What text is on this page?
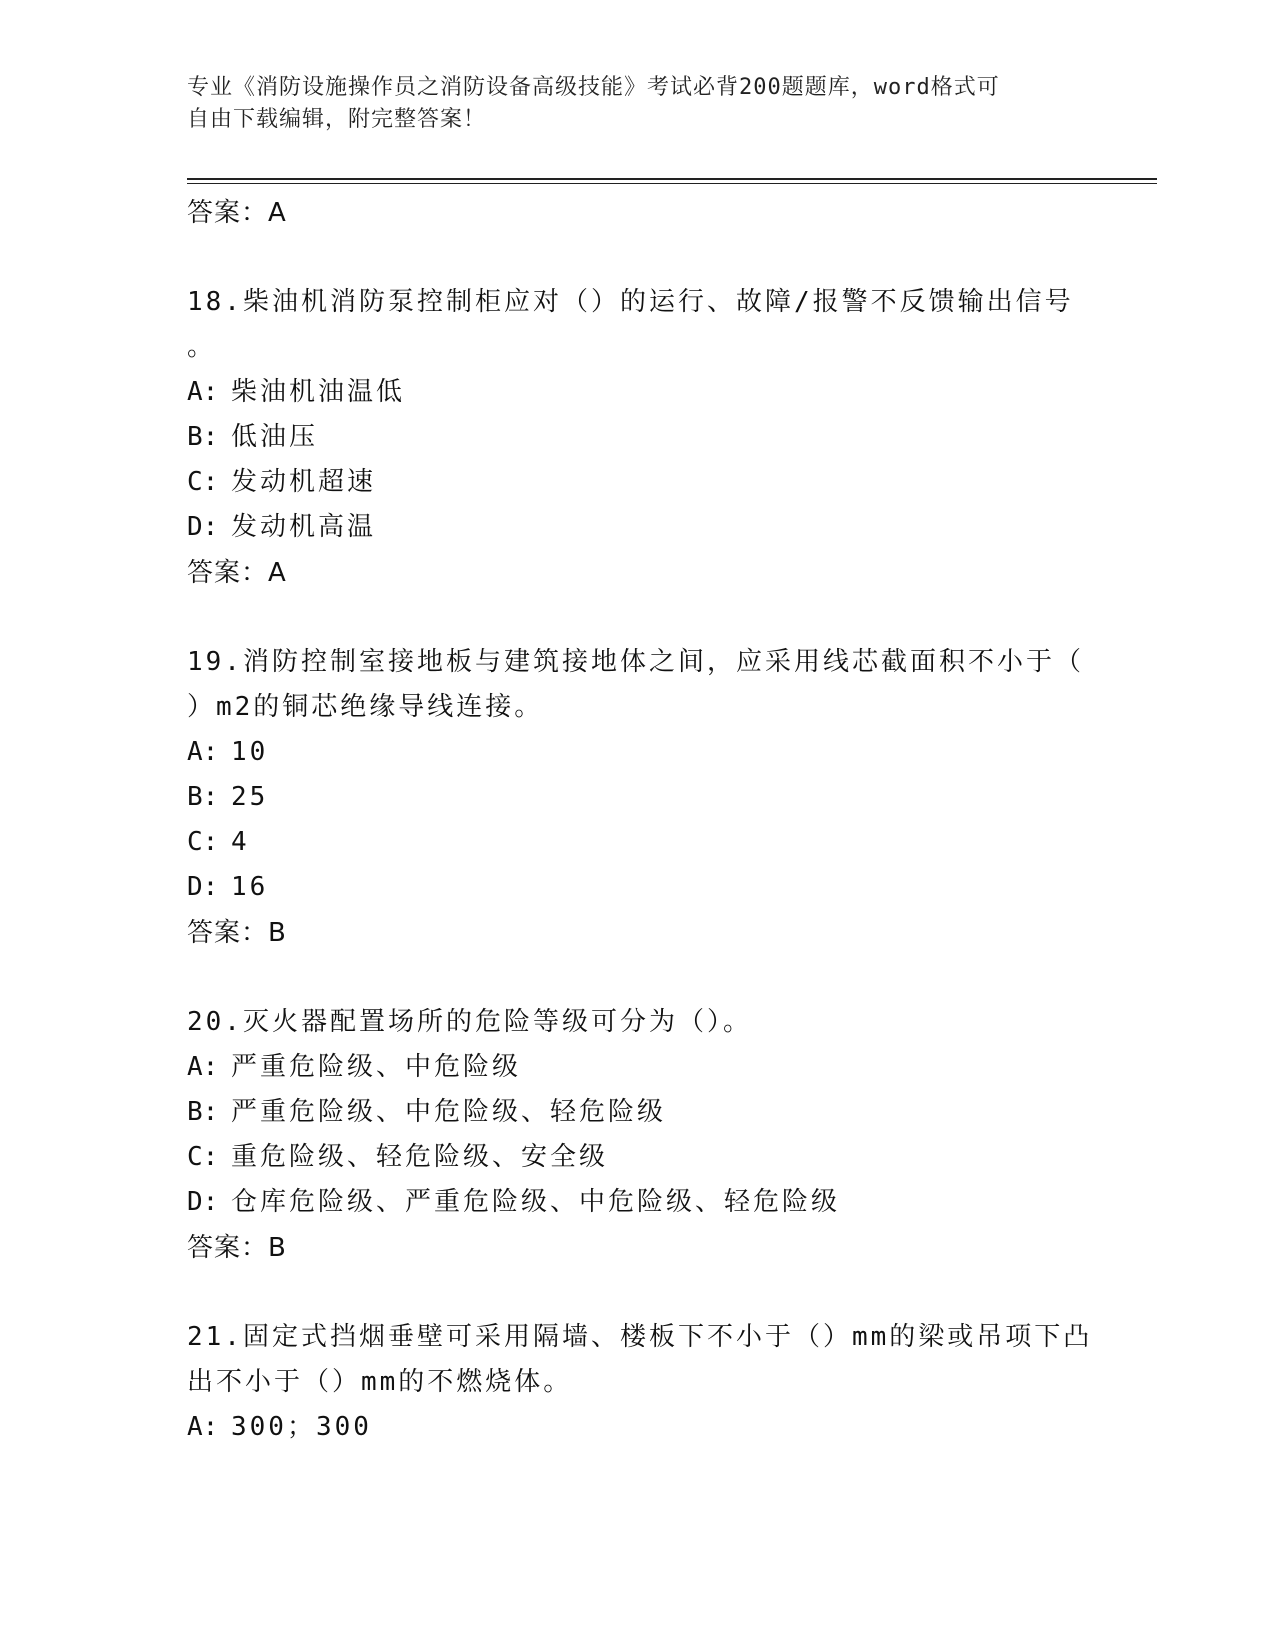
专业《消防设施操作员之消防设备高级技能》考试必背200题题库，word格式可
自由下载编辑，附完整答案！
答案：A
18.柴油机消防泵控制柜应对（）的运行、故障/报警不反馈输出信号
。
A: 柴油机油温低
B: 低油压
C: 发动机超速
D: 发动机高温
答案：A
19.消防控制室接地板与建筑接地体之间，应采用线芯截面积不小于（
）m2的铜芯绝缘导线连接。
A: 10
B: 25
C: 4
D: 16
答案：B
20.灭火器配置场所的危险等级可分为（）。
A: 严重危险级、中危险级
B: 严重危险级、中危险级、轻危险级
C: 重危险级、轻危险级、安全级
D: 仓库危险级、严重危险级、中危险级、轻危险级
答案：B
21.固定式挡烟垂壁可采用隔墙、楼板下不小于（）mm的梁或吊项下凸
出不小于（）mm的不燃烧体。
A: 300；300
